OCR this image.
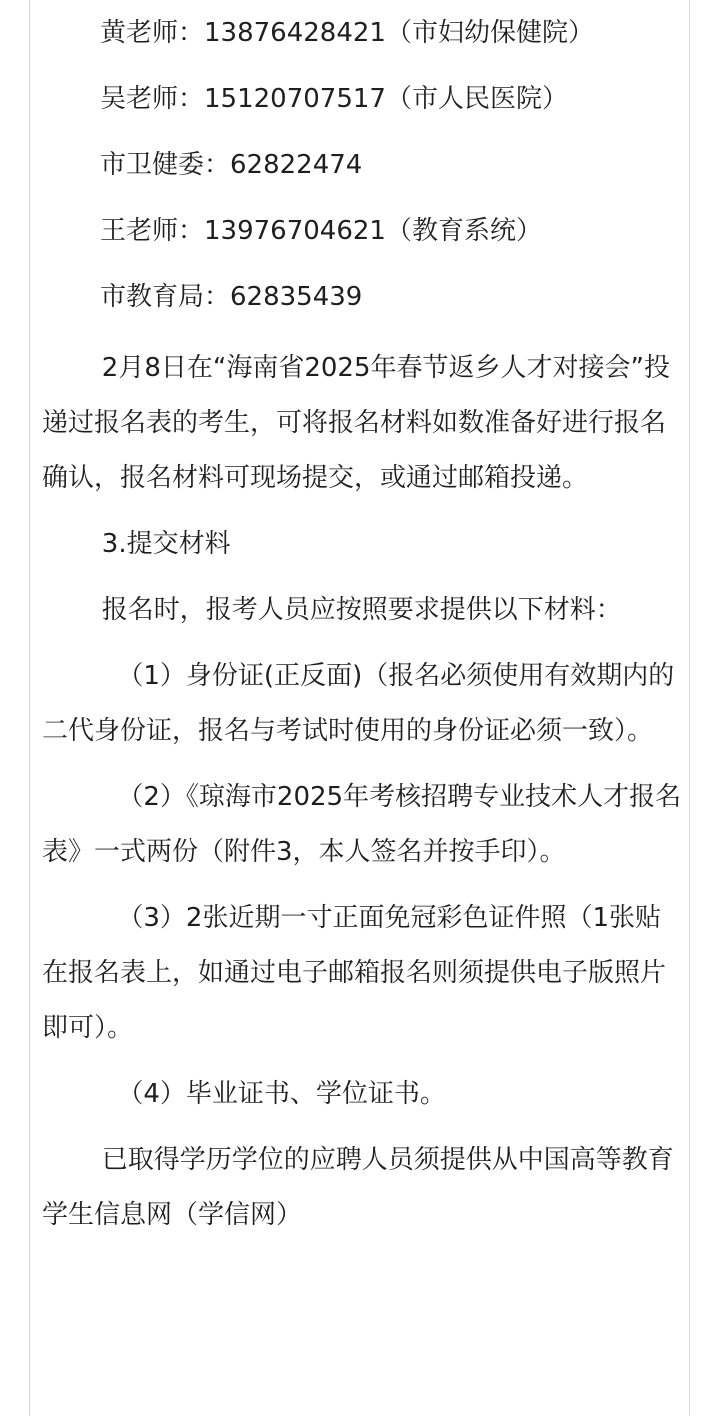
黄老师：13876428421（市妇幼保健院）
吴老师：15120707517（市人民医院）
市卫健委：62822474
王老师：13976704621（教育系统）
市教育局：62835439

2月8日在“海南省2025年春节返乡人才对接会”投递过报名表的考生，可将报名材料如数准备好进行报名确认，报名材料可现场提交，或通过邮箱投递。

3.提交材料

报名时，报考人员应按照要求提供以下材料：

（1）身份证(正反面)（报名必须使用有效期内的二代身份证，报名与考试时使用的身份证必须一致）。

（2）《琼海市2025年考核招聘专业技术人才报名表》一式两份（附件3，本人签名并按手印）。

（3）2张近期一寸正面免冠彩色证件照（1张贴在报名表上，如通过电子邮箱报名则须提供电子版照片即可）。

（4）毕业证书、学位证书。

已取得学历学位的应聘人员须提供从中国高等教育学生信息网（学信网）
